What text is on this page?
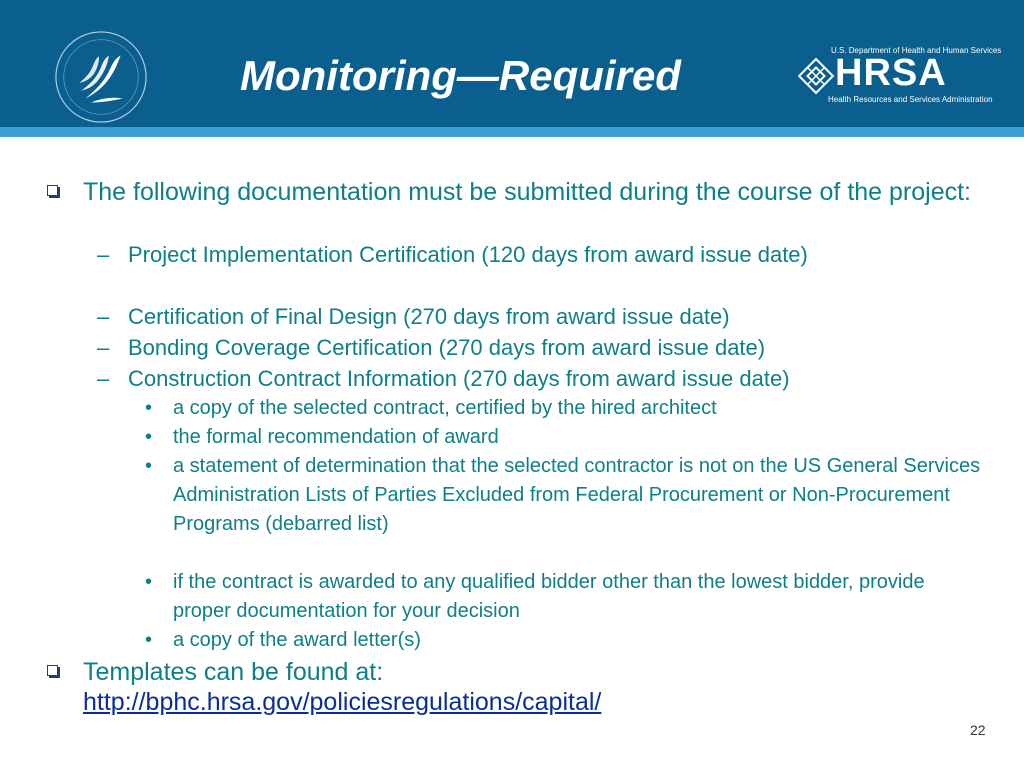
Monitoring—Required
U.S. Department of Health and Human Services
HRSA
Health Resources and Services Administration
The following documentation must be submitted during the course of the project:
– Project Implementation Certification (120 days from award issue date)
– Certification of Final Design (270 days from award issue date)
– Bonding Coverage Certification (270 days from award issue date)
– Construction Contract Information (270 days from award issue date)
• a copy of the selected contract, certified by the hired architect
• the formal recommendation of award
• a statement of determination that the selected contractor is not on the US General Services Administration Lists of Parties Excluded from Federal Procurement or Non-Procurement Programs (debarred list)
• if the contract is awarded to any qualified bidder other than the lowest bidder, provide proper documentation for your decision
• a copy of the award letter(s)
Templates can be found at:
http://bphc.hrsa.gov/policiesregulations/capital/
22
